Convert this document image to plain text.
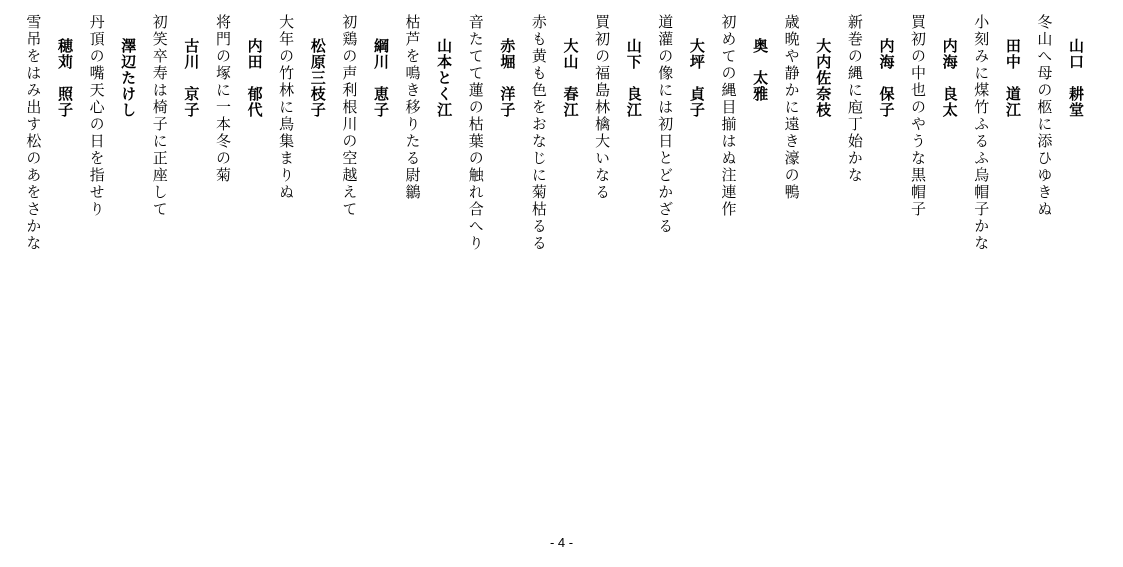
山口　耕堂
冬山へ母の柩に添ひゆきぬ
田中　道江
小刻みに煤竹ふるふ烏帽子かな
内海　良太
買初の中也のやうな黒帽子
内海　保子
新巻の縄に庖丁始かな
大内佐奈枝
歳晩や静かに遠き濠の鴨
奥　太雅
初めての縄目揃はぬ注連作
大坪　貞子
道灌の像には初日とどかざる
山下　良江
買初の福島林檎大いなる
大山　春江
赤も黄も色をおなじに菊枯るる
赤堀　洋子
音たてて蓮の枯葉の触れ合へり
山本とく江
枯芦を鳴き移りたる尉鶲
綱川　恵子
初鶏の声利根川の空越えて
松原三枝子
大年の竹林に鳥集まりぬ
内田　郁代
将門の塚に一本冬の菊
古川　京子
初笑卒寿は椅子に正座して
澤辺たけし
丹頂の嘴天心の日を指せり
穂苅　照子
雪吊をはみ出す松のあをさかな
- 4 -
